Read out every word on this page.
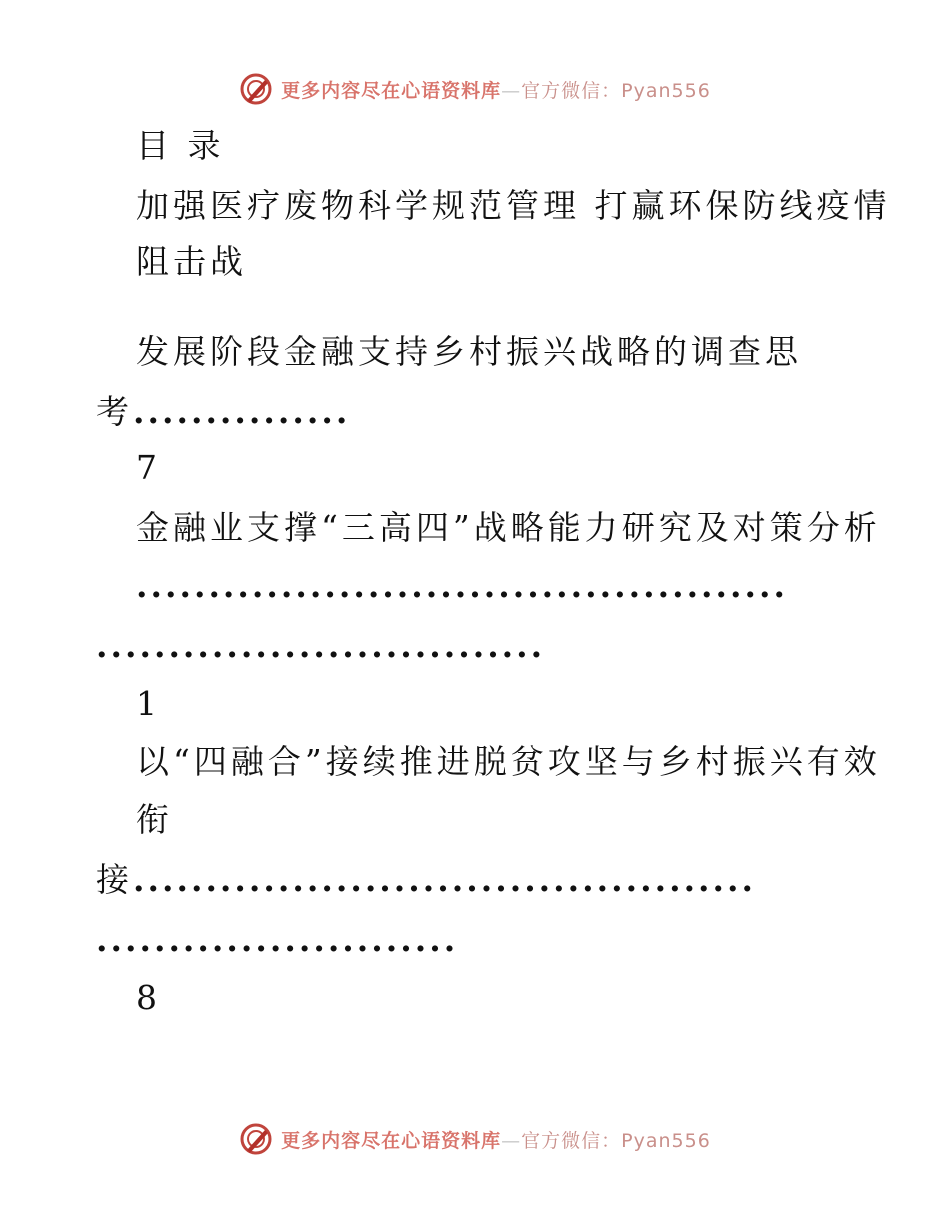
更多内容尽在心语资料库—官方微信：Pyan556
目 录
加强医疗废物科学规范管理 打赢环保防线疫情
阻击战
发展阶段金融支持乡村振兴战略的调查思
考...............
7
金融业支撑“三高四”战略能力研究及对策分析
.............................................
...............................
1
以“四融合”接续推进脱贫攻坚与乡村振兴有效
衔
接...........................................
.........................
8
更多内容尽在心语资料库—官方微信：Pyan556
